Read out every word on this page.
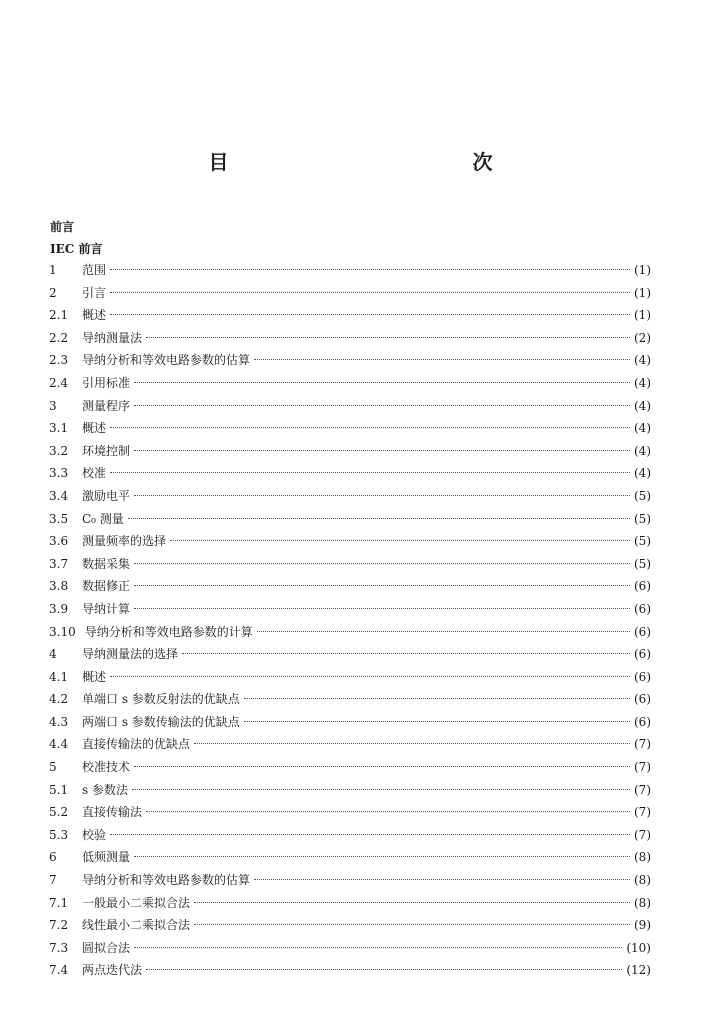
目　　次
前言
IEC 前言
1	范围	(1)
2	引言	(1)
2.1	概述	(1)
2.2	导纳测量法	(2)
2.3	导纳分析和等效电路参数的估算	(4)
2.4	引用标准	(4)
3	测量程序	(4)
3.1	概述	(4)
3.2	环境控制	(4)
3.3	校准	(4)
3.4	激励电平	(5)
3.5	C₀ 测量	(5)
3.6	测量频率的选择	(5)
3.7	数据采集	(5)
3.8	数据修正	(6)
3.9	导纳计算	(6)
3.10 导纳分析和等效电路参数的计算	(6)
4	导纳测量法的选择	(6)
4.1	概述	(6)
4.2	单端口 s 参数反射法的优缺点	(6)
4.3	两端口 s 参数传输法的优缺点	(6)
4.4	直接传输法的优缺点	(7)
5	校准技术	(7)
5.1	s 参数法	(7)
5.2	直接传输法	(7)
5.3	校验	(7)
6	低频测量	(8)
7	导纳分析和等效电路参数的估算	(8)
7.1	一般最小二乘拟合法	(8)
7.2	线性最小二乘拟合法	(9)
7.3	圆拟合法	(10)
7.4	两点迭代法	(12)
